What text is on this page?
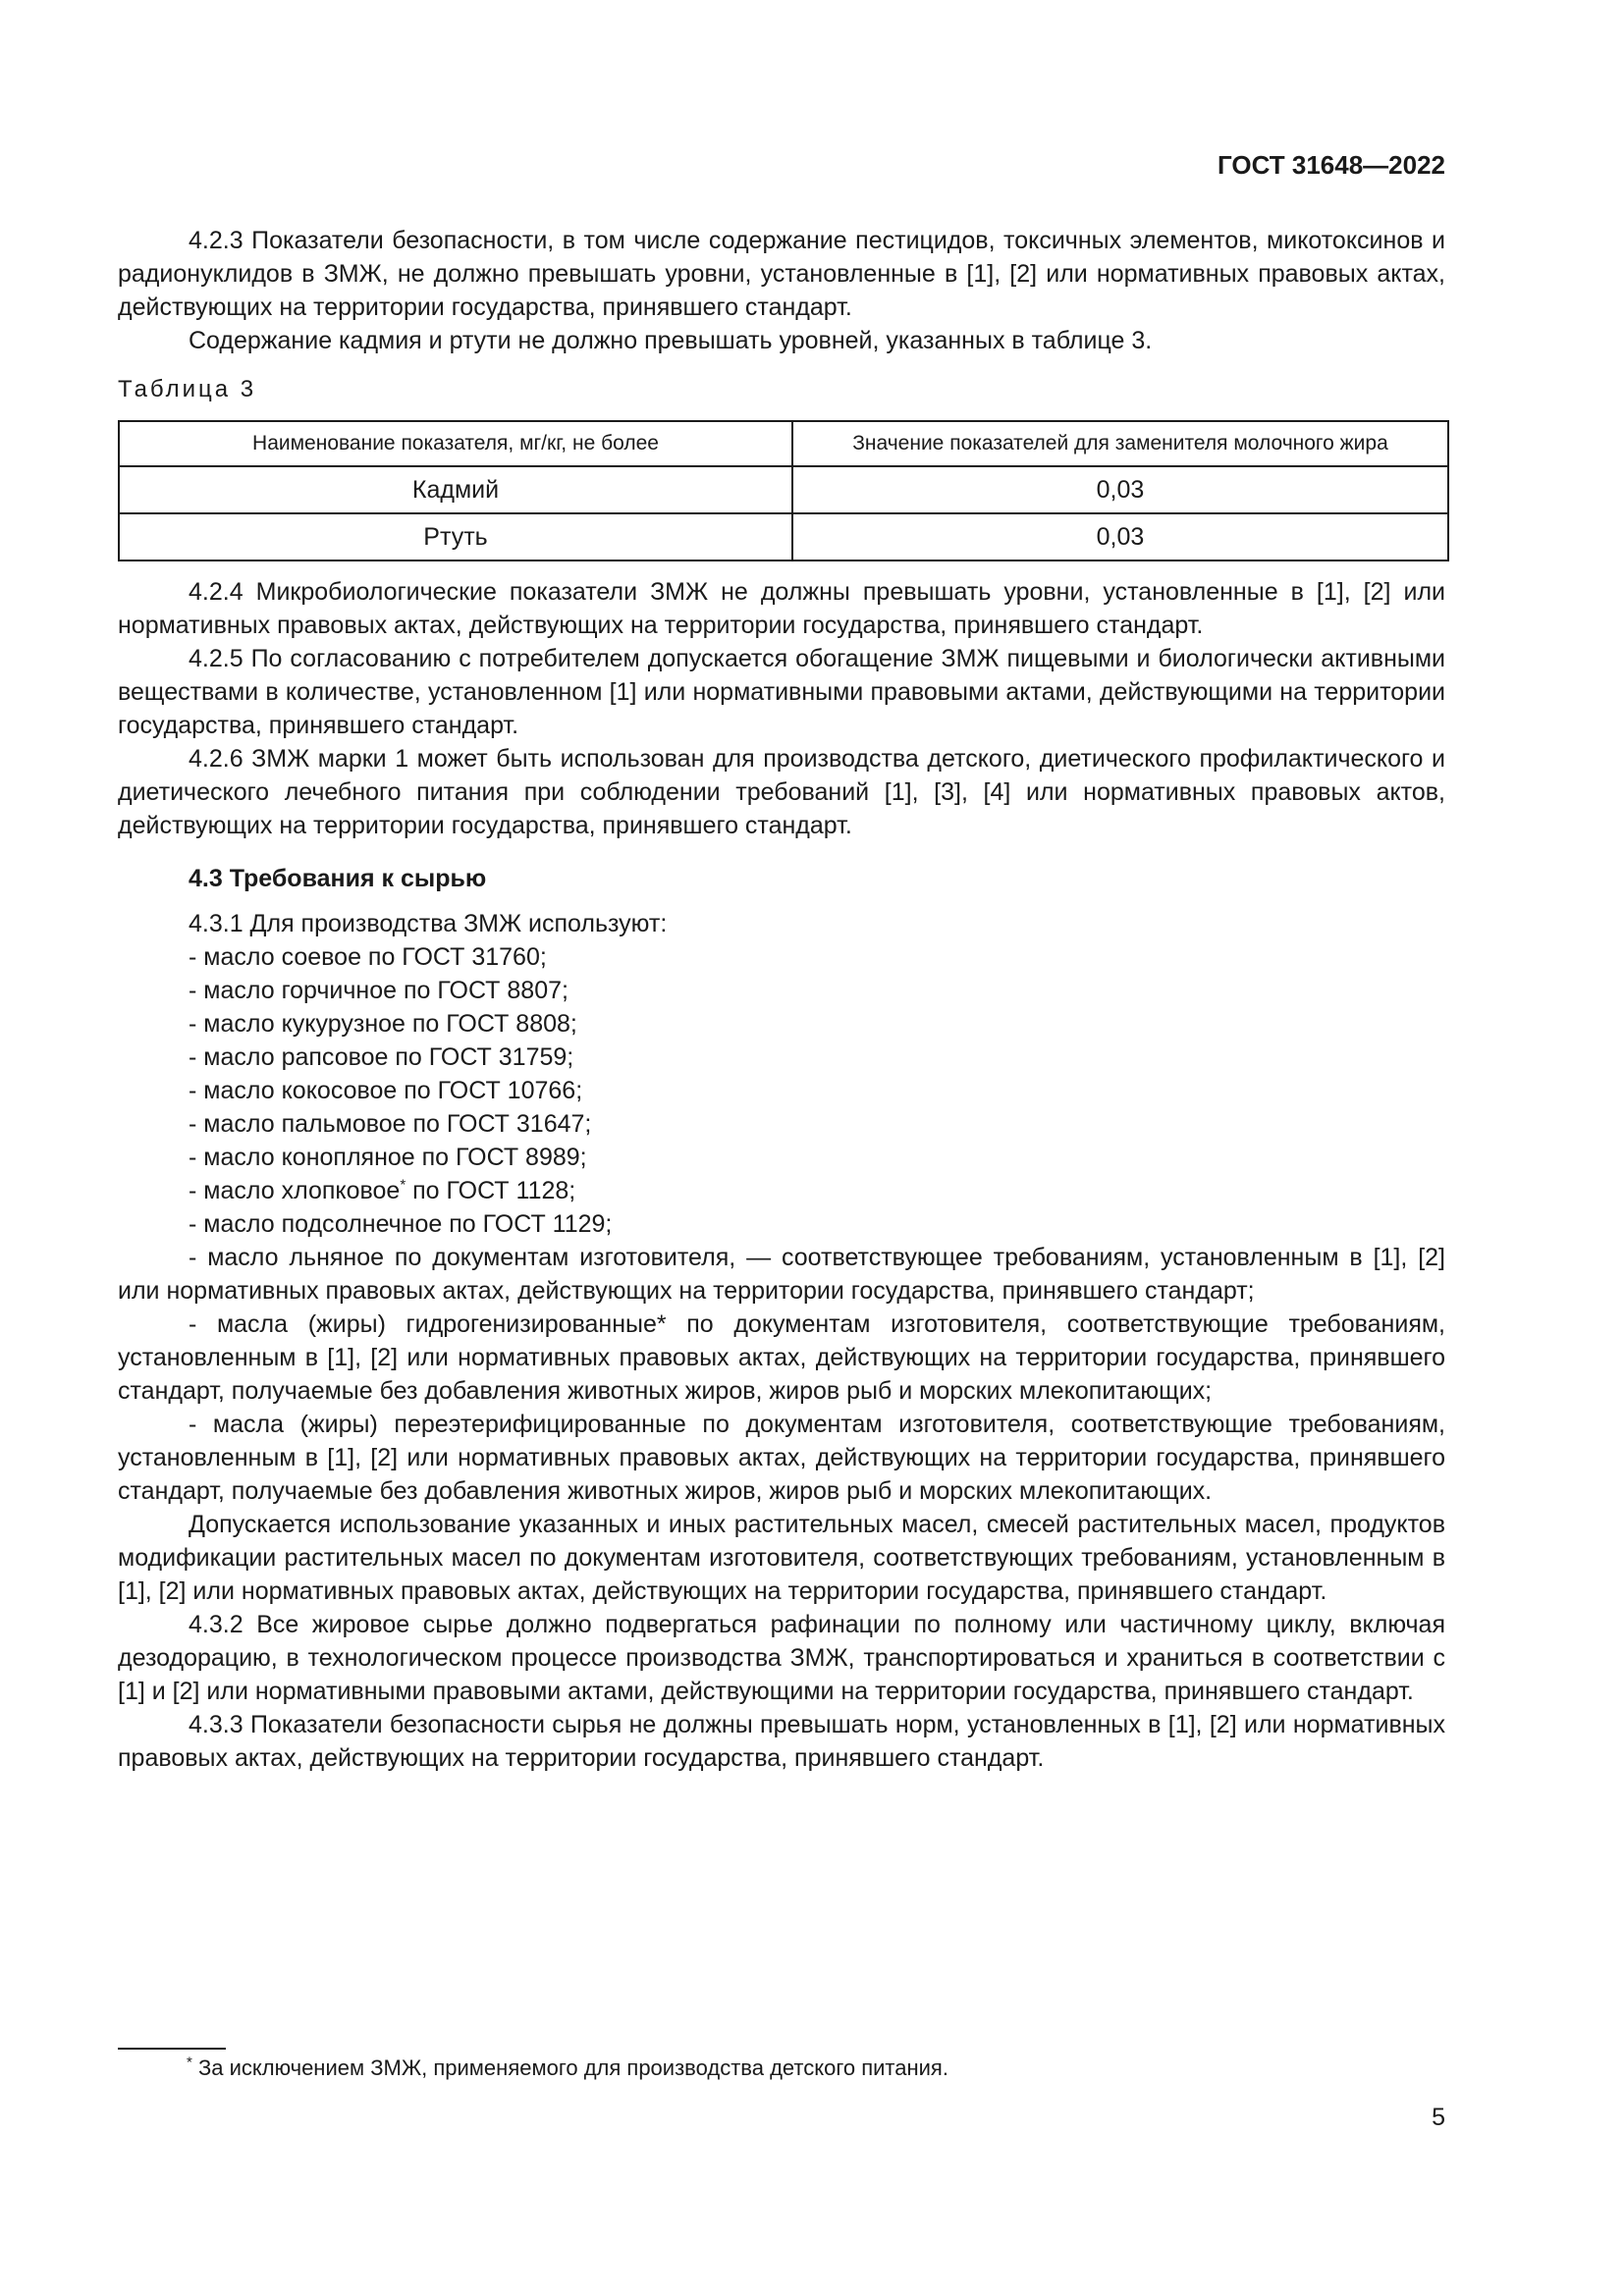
ГОСТ 31648—2022

4.2.3 Показатели безопасности, в том числе содержание пестицидов, токсичных элементов, микотоксинов и радионуклидов в ЗМЖ, не должно превышать уровни, установленные в [1], [2] или нормативных правовых актах, действующих на территории государства, принявшего стандарт.

Содержание кадмия и ртути не должно превышать уровней, указанных в таблице 3.

Таблица 3
Наименование показателя, мг/кг, не более	Значение показателей для заменителя молочного жира
Кадмий	0,03
Ртуть	0,03

4.2.4 Микробиологические показатели ЗМЖ не должны превышать уровни, установленные в [1], [2] или нормативных правовых актах, действующих на территории государства, принявшего стандарт.

4.2.5 По согласованию с потребителем допускается обогащение ЗМЖ пищевыми и биологически активными веществами в количестве, установленном [1] или нормативными правовыми актами, действующими на территории государства, принявшего стандарт.

4.2.6 ЗМЖ марки 1 может быть использован для производства детского, диетического профилактического и диетического лечебного питания при соблюдении требований [1], [3], [4] или нормативных правовых актов, действующих на территории государства, принявшего стандарт.

4.3 Требования к сырью

4.3.1 Для производства ЗМЖ используют:

- масло соевое по ГОСТ 31760;

- масло горчичное по ГОСТ 8807;

- масло кукурузное по ГОСТ 8808;

- масло рапсовое по ГОСТ 31759;

- масло кокосовое по ГОСТ 10766;

- масло пальмовое по ГОСТ 31647;

- масло конопляное по ГОСТ 8989;

- масло хлопковое* по ГОСТ 1128;

- масло подсолнечное по ГОСТ 1129;

- масло льняное по документам изготовителя, — соответствующее требованиям, установленным в [1], [2] или нормативных правовых актах, действующих на территории государства, принявшего стандарт;

- масла (жиры) гидрогенизированные* по документам изготовителя, соответствующие требованиям, установленным в [1], [2] или нормативных правовых актах, действующих на территории государства, принявшего стандарт, получаемые без добавления животных жиров, жиров рыб и морских млекопитающих;

- масла (жиры) переэтерифицированные по документам изготовителя, соответствующие требованиям, установленным в [1], [2] или нормативных правовых актах, действующих на территории государства, принявшего стандарт, получаемые без добавления животных жиров, жиров рыб и морских млекопитающих.

Допускается использование указанных и иных растительных масел, смесей растительных масел, продуктов модификации растительных масел по документам изготовителя, соответствующих требованиям, установленным в [1], [2] или нормативных правовых актах, действующих на территории государства, принявшего стандарт.

4.3.2 Все жировое сырье должно подвергаться рафинации по полному или частичному циклу, включая дезодорацию, в технологическом процессе производства ЗМЖ, транспортироваться и храниться в соответствии с [1] и [2] или нормативными правовыми актами, действующими на территории государства, принявшего стандарт.

4.3.3 Показатели безопасности сырья не должны превышать норм, установленных в [1], [2] или нормативных правовых актах, действующих на территории государства, принявшего стандарт.

* За исключением ЗМЖ, применяемого для производства детского питания.
5
